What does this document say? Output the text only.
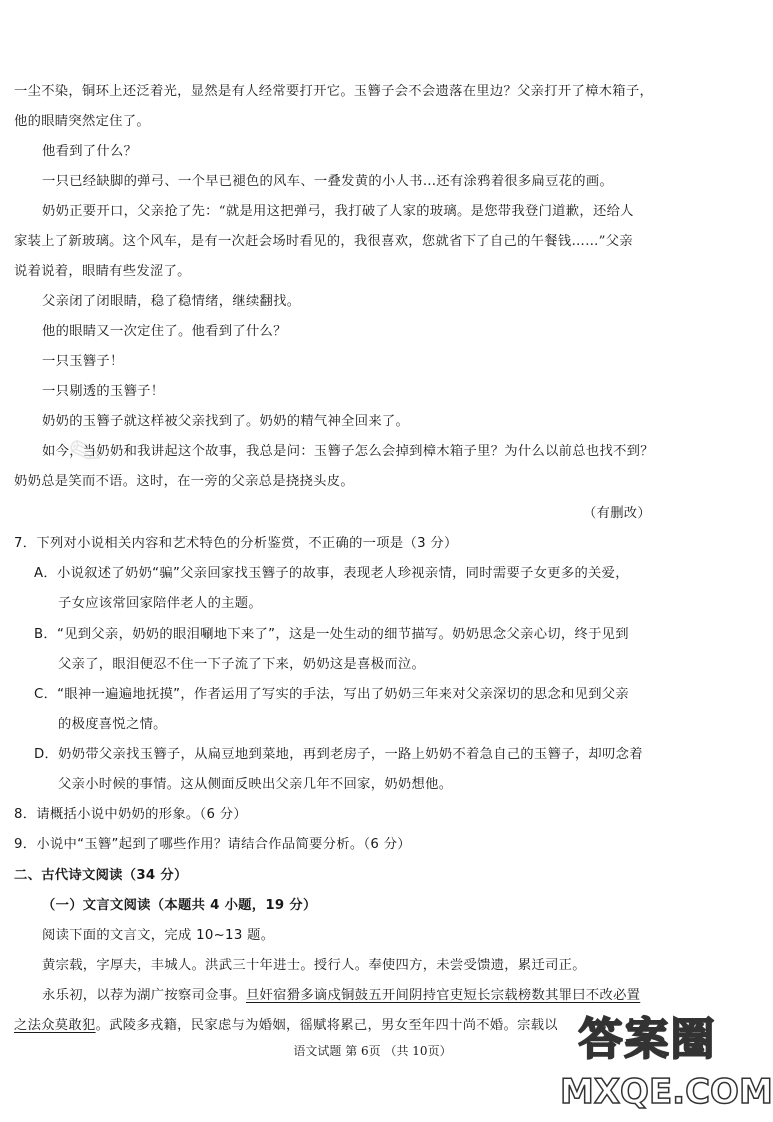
✎
一尘不染，铜环上还泛着光，显然是有人经常要打开它。玉簪子会不会遗落在里边？父亲打开了樟木箱子，
他的眼睛突然定住了。
他看到了什么？
一只已经缺脚的弹弓、一个早已褪色的风车、一叠发黄的小人书…还有涂鸦着很多扁豆花的画。
奶奶正要开口，父亲抢了先：“就是用这把弹弓，我打破了人家的玻璃。是您带我登门道歉，还给人
家装上了新玻璃。这个风车，是有一次赶会场时看见的，我很喜欢，您就省下了自己的午餐钱……”父亲
说着说着，眼睛有些发涩了。
父亲闭了闭眼睛，稳了稳情绪，继续翻找。
他的眼睛又一次定住了。他看到了什么？
一只玉簪子！
一只剔透的玉簪子！
奶奶的玉簪子就这样被父亲找到了。奶奶的精气神全回来了。
如今，当奶奶和我讲起这个故事，我总是问：玉簪子怎么会掉到樟木箱子里？为什么以前总也找不到？
奶奶总是笑而不语。这时，在一旁的父亲总是挠挠头皮。
（有删改）
7．下列对小说相关内容和艺术特色的分析鉴赏，不正确的一项是（3 分）
A．小说叙述了奶奶“骗”父亲回家找玉簪子的故事，表现老人珍视亲情，同时需要子女更多的关爱，
子女应该常回家陪伴老人的主题。
B．“见到父亲，奶奶的眼泪唰地下来了”，这是一处生动的细节描写。奶奶思念父亲心切，终于见到
父亲了，眼泪便忍不住一下子流了下来，奶奶这是喜极而泣。
C．“眼神一遍遍地抚摸”，作者运用了写实的手法，写出了奶奶三年来对父亲深切的思念和见到父亲
的极度喜悦之情。
D．奶奶带父亲找玉簪子，从扁豆地到菜地，再到老房子，一路上奶奶不着急自己的玉簪子，却叨念着
父亲小时候的事情。这从侧面反映出父亲几年不回家，奶奶想他。
8．请概括小说中奶奶的形象。（6 分）
9．小说中“玉簪”起到了哪些作用？请结合作品简要分析。（6 分）
二、古代诗文阅读（34 分）
（一）文言文阅读（本题共 4 小题，19 分）
阅读下面的文言文，完成 10~13 题。
黄宗载，字厚夫，丰城人。洪武三十年进士。授行人。奉使四方，未尝受馈遗，累迁司正。
永乐初，以荐为湖广按察司佥事。旦奸宿猾多谪戍铜鼓五开间阴持官吏短长宗载榜数其罪曰不改必置
之法众莫敢犯。武陵多戎籍，民家虑与为婚姻，徭赋将累己，男女至年四十尚不婚。宗载以
语文试题 第 6页 （共 10页）	答案圈
MXQE.COM
